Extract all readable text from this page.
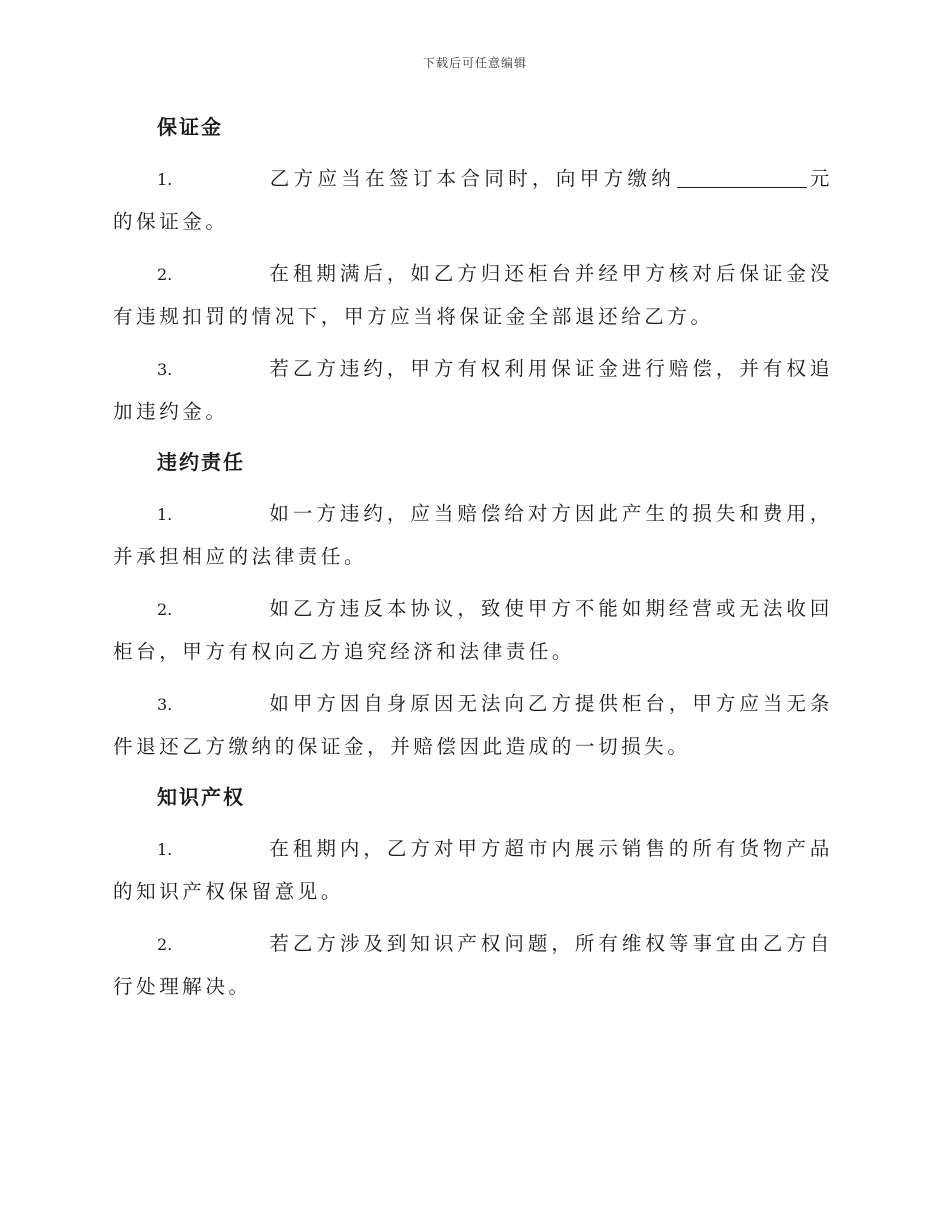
下载后可任意编辑
保证金
1.	乙方应当在签订本合同时，向甲方缴纳	元的保证金。
2.	在租期满后，如乙方归还柜台并经甲方核对后保证金没有违规扣罚的情况下，甲方应当将保证金全部退还给乙方。
3.	若乙方违约，甲方有权利用保证金进行赔偿，并有权追加违约金。
违约责任
1.	如一方违约，应当赔偿给对方因此产生的损失和费用，并承担相应的法律责任。
2.	如乙方违反本协议，致使甲方不能如期经营或无法收回柜台，甲方有权向乙方追究经济和法律责任。
3.	如甲方因自身原因无法向乙方提供柜台，甲方应当无条件退还乙方缴纳的保证金，并赔偿因此造成的一切损失。
知识产权
1.	在租期内，乙方对甲方超市内展示销售的所有货物产品的知识产权保留意见。
2.	若乙方涉及到知识产权问题，所有维权等事宜由乙方自行处理解决。
